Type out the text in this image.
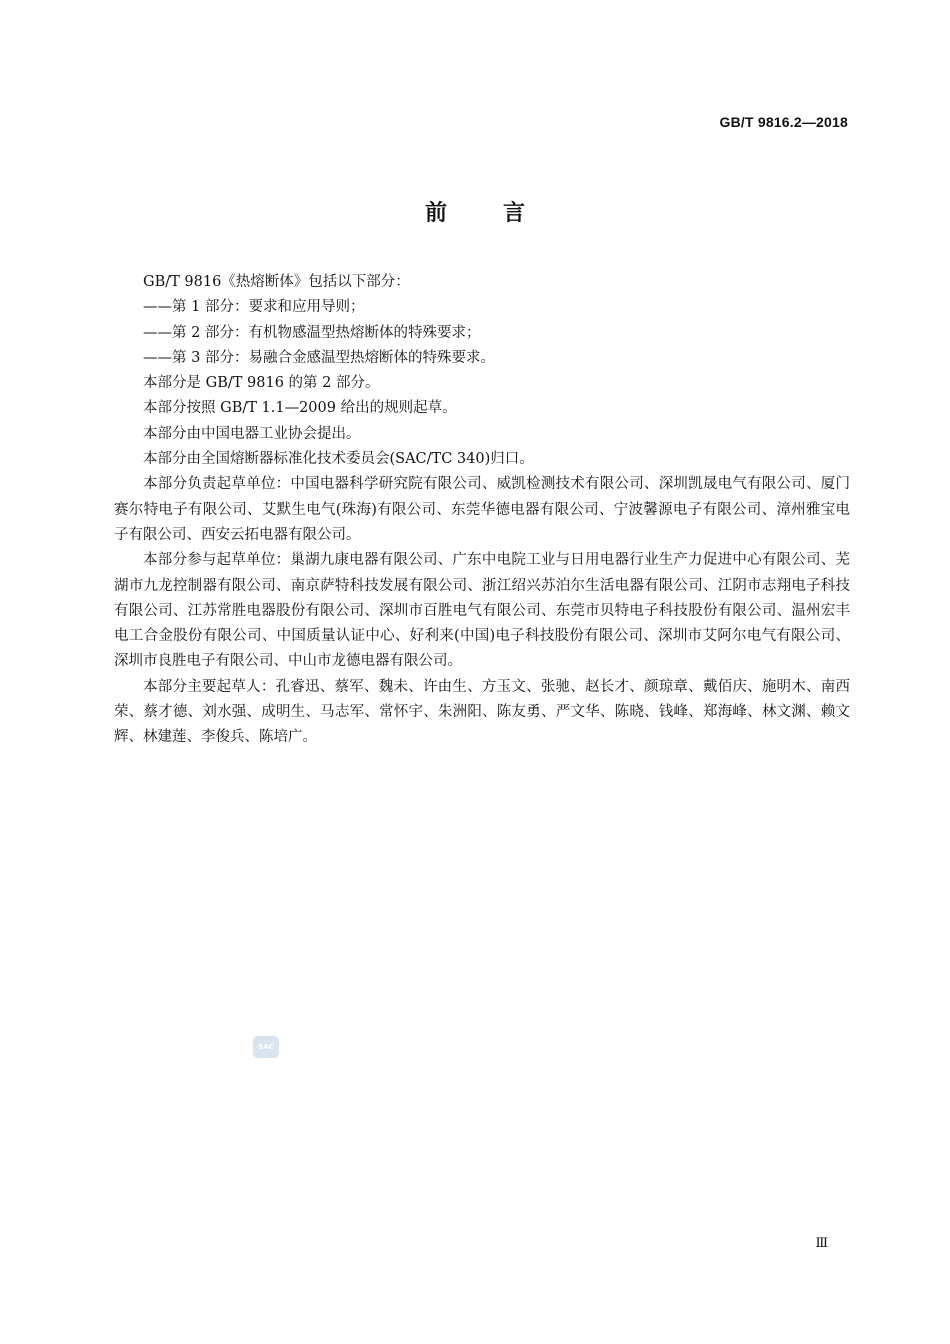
GB/T 9816.2—2018
前言

GB/T 9816《热熔断体》包括以下部分：

——第 1 部分：要求和应用导则；

——第 2 部分：有机物感温型热熔断体的特殊要求；

——第 3 部分：易融合金感温型热熔断体的特殊要求。

本部分是 GB/T 9816 的第 2 部分。

本部分按照 GB/T 1.1—2009 给出的规则起草。

本部分由中国电器工业协会提出。

本部分由全国熔断器标准化技术委员会(SAC/TC 340)归口。

本部分负责起草单位：中国电器科学研究院有限公司、威凯检测技术有限公司、深圳凯晟电气有限公司、厦门赛尔特电子有限公司、艾默生电气(珠海)有限公司、东莞华德电器有限公司、宁波馨源电子有限公司、漳州雅宝电子有限公司、西安云拓电器有限公司。

本部分参与起草单位：巢湖九康电器有限公司、广东中电院工业与日用电器行业生产力促进中心有限公司、芜湖市九龙控制器有限公司、南京萨特科技发展有限公司、浙江绍兴苏泊尔生活电器有限公司、江阴市志翔电子科技有限公司、江苏常胜电器股份有限公司、深圳市百胜电气有限公司、东莞市贝特电子科技股份有限公司、温州宏丰电工合金股份有限公司、中国质量认证中心、好利来(中国)电子科技股份有限公司、深圳市艾阿尔电气有限公司、深圳市良胜电子有限公司、中山市龙德电器有限公司。

本部分主要起草人：孔睿迅、蔡军、魏未、许由生、方玉文、张驰、赵长才、颜琼章、戴佰庆、施明木、南西荣、蔡才德、刘水强、成明生、马志军、常怀宇、朱洲阳、陈友勇、严文华、陈晓、钱峰、郑海峰、林文渊、赖文辉、林建莲、李俊兵、陈培广。

SAC
Ⅲ
